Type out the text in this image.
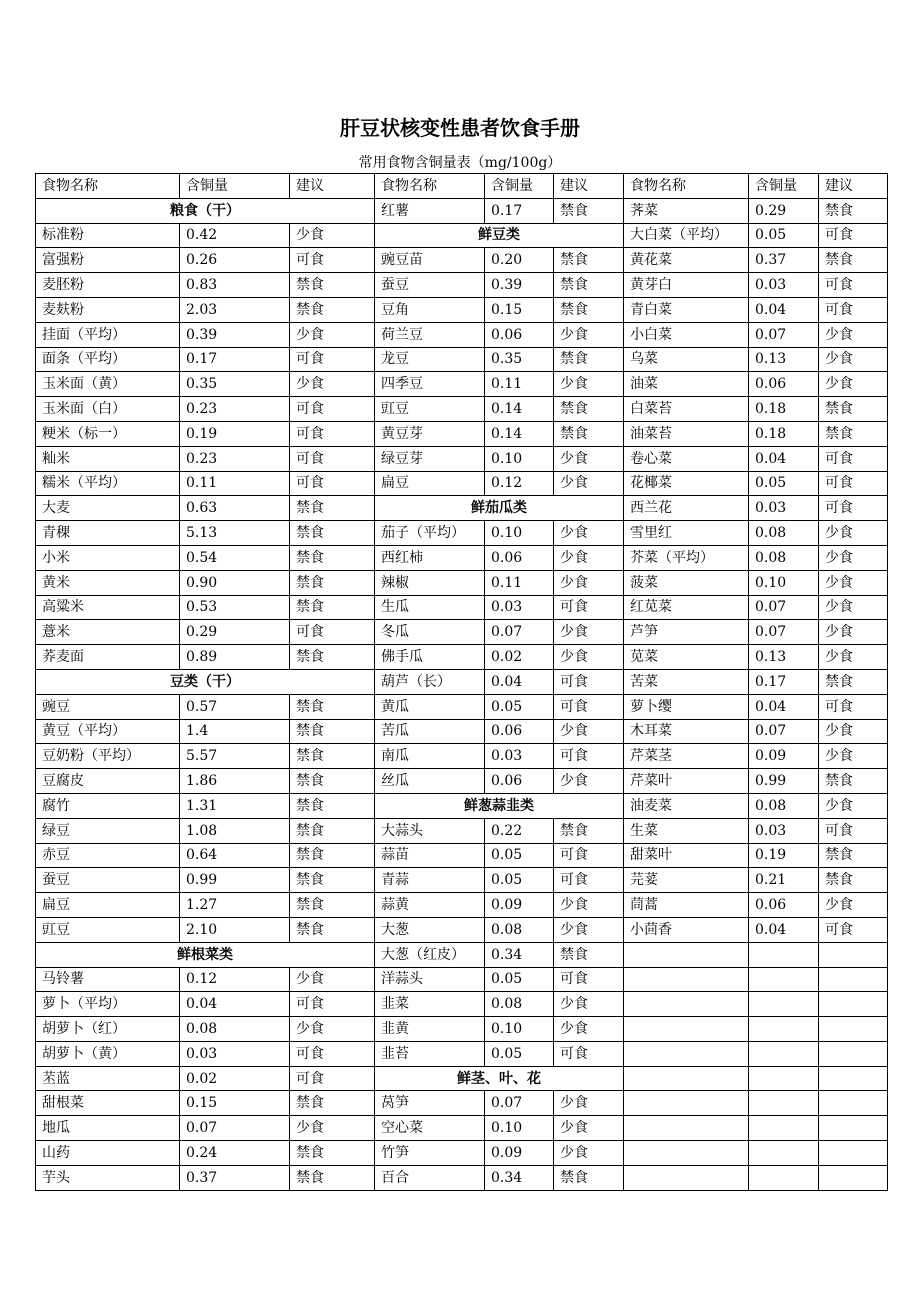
肝豆状核变性患者饮食手册
常用食物含铜量表（mg/100g）
食物名称	含铜量	建议	食物名称	含铜量	建议	食物名称	含铜量	建议
粮食（干）			红薯	0.17	禁食	荠菜	0.29	禁食
标准粉	0.42	少食	鲜豆类			大白菜（平均）	0.05	可食
富强粉	0.26	可食	豌豆苗	0.20	禁食	黄花菜	0.37	禁食
麦胚粉	0.83	禁食	蚕豆	0.39	禁食	黄芽白	0.03	可食
麦麸粉	2.03	禁食	豆角	0.15	禁食	青白菜	0.04	可食
挂面（平均）	0.39	少食	荷兰豆	0.06	少食	小白菜	0.07	少食
面条（平均）	0.17	可食	龙豆	0.35	禁食	乌菜	0.13	少食
玉米面（黄）	0.35	少食	四季豆	0.11	少食	油菜	0.06	少食
玉米面（白）	0.23	可食	豇豆	0.14	禁食	白菜苔	0.18	禁食
粳米（标一）	0.19	可食	黄豆芽	0.14	禁食	油菜苔	0.18	禁食
籼米	0.23	可食	绿豆芽	0.10	少食	卷心菜	0.04	可食
糯米（平均）	0.11	可食	扁豆	0.12	少食	花椰菜	0.05	可食
大麦	0.63	禁食	鲜茄瓜类			西兰花	0.03	可食
青稞	5.13	禁食	茄子（平均）	0.10	少食	雪里红	0.08	少食
小米	0.54	禁食	西红柿	0.06	少食	芥菜（平均）	0.08	少食
黄米	0.90	禁食	辣椒	0.11	少食	菠菜	0.10	少食
高粱米	0.53	禁食	生瓜	0.03	可食	红苋菜	0.07	少食
薏米	0.29	可食	冬瓜	0.07	少食	芦笋	0.07	少食
荞麦面	0.89	禁食	佛手瓜	0.02	少食	苋菜	0.13	少食
豆类（干）			葫芦（长）	0.04	可食	苦菜	0.17	禁食
豌豆	0.57	禁食	黄瓜	0.05	可食	萝卜缨	0.04	可食
黄豆（平均）	1.4	禁食	苦瓜	0.06	少食	木耳菜	0.07	少食
豆奶粉（平均）	5.57	禁食	南瓜	0.03	可食	芹菜茎	0.09	少食
豆腐皮	1.86	禁食	丝瓜	0.06	少食	芹菜叶	0.99	禁食
腐竹	1.31	禁食	鲜葱蒜韭类			油麦菜	0.08	少食
绿豆	1.08	禁食	大蒜头	0.22	禁食	生菜	0.03	可食
赤豆	0.64	禁食	蒜苗	0.05	可食	甜菜叶	0.19	禁食
蚕豆	0.99	禁食	青蒜	0.05	可食	芫荽	0.21	禁食
扁豆	1.27	禁食	蒜黄	0.09	少食	茼蒿	0.06	少食
豇豆	2.10	禁食	大葱	0.08	少食	小茴香	0.04	可食
鲜根菜类			大葱（红皮）	0.34	禁食			
马铃薯	0.12	少食	洋蒜头	0.05	可食			
萝卜（平均）	0.04	可食	韭菜	0.08	少食			
胡萝卜（红）	0.08	少食	韭黄	0.10	少食			
胡萝卜（黄）	0.03	可食	韭苔	0.05	可食			
苤蓝	0.02	可食	鲜茎、叶、花					
甜根菜	0.15	禁食	莴笋	0.07	少食			
地瓜	0.07	少食	空心菜	0.10	少食			
山药	0.24	禁食	竹笋	0.09	少食			
芋头	0.37	禁食	百合	0.34	禁食			
